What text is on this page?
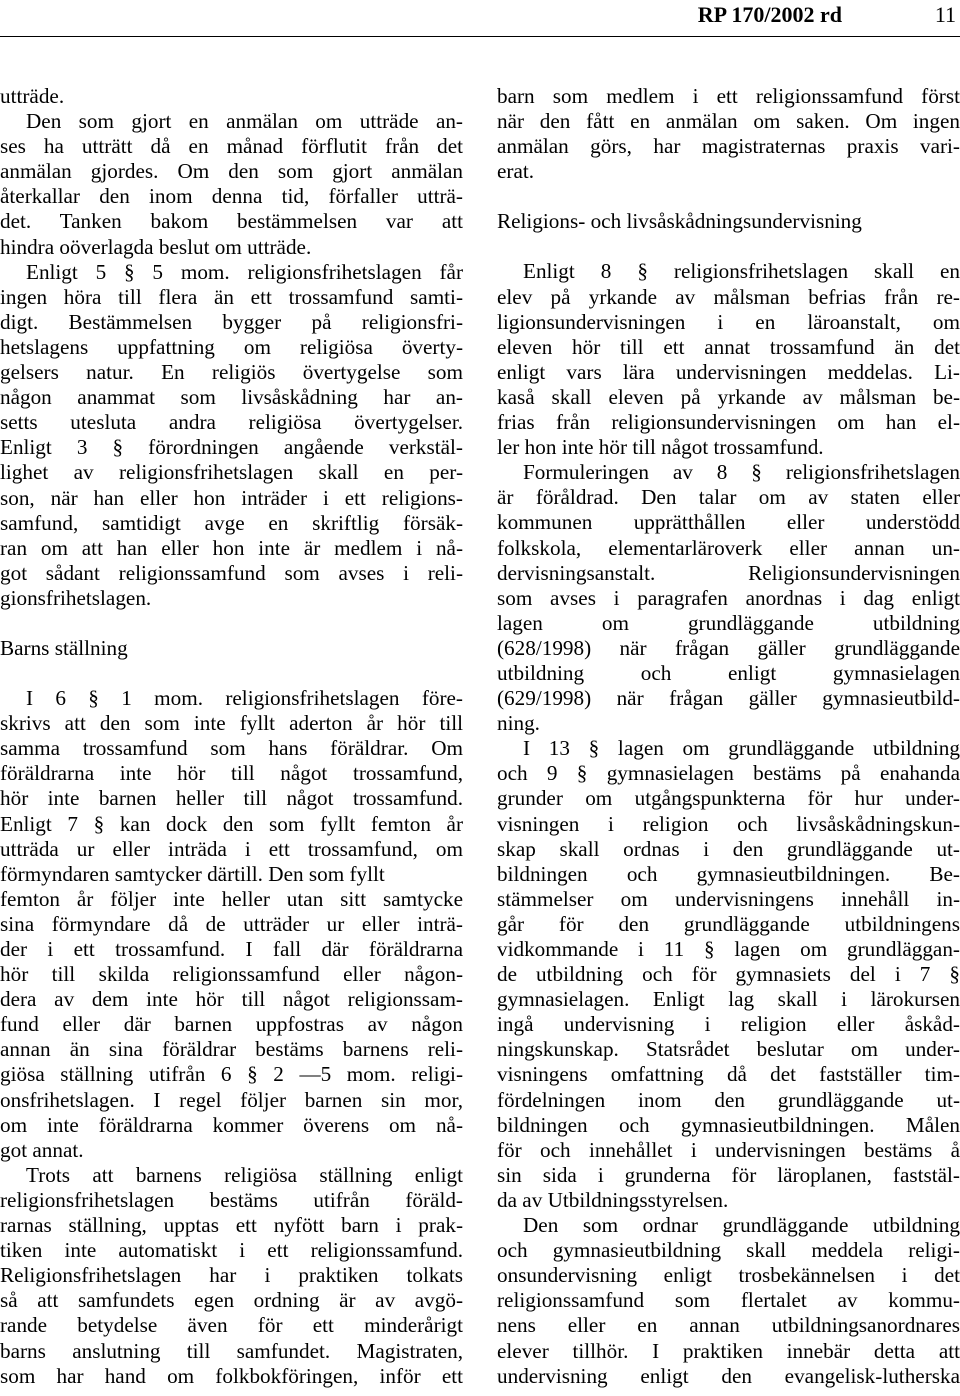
RP 170/2002 rd	11
utträde.
Den som gjort en anmälan om utträde an-
ses ha utträtt då en månad förflutit från det
anmälan gjordes. Om den som gjort anmälan
återkallar den inom denna tid, förfaller utträ-
det. Tanken bakom bestämmelsen var att
hindra oöverlagda beslut om utträde.
Enligt 5 § 5 mom. religionsfrihetslagen får
ingen höra till flera än ett trossamfund samti-
digt. Bestämmelsen bygger på religionsfri-
hetslagens uppfattning om religiösa överty-
gelsers natur. En religiös övertygelse som
någon anammat som livsåskådning har an-
setts utesluta andra religiösa övertygelser.
Enligt 3 § förordningen angående verkstäl-
lighet av religionsfrihetslagen skall en per-
son, när han eller hon inträder i ett religions-
samfund, samtidigt avge en skriftlig försäk-
ran om att han eller hon inte är medlem i nå-
got sådant religionssamfund som avses i reli-
gionsfrihetslagen.
Barns ställning
I 6 § 1 mom. religionsfrihetslagen före-
skrivs att den som inte fyllt aderton år hör till
samma trossamfund som hans föräldrar. Om
föräldrarna inte hör till något trossamfund,
hör inte barnen heller till något trossamfund.
Enligt 7 § kan dock den som fyllt femton år
utträda ur eller inträda i ett trossamfund, om
förmyndaren samtycker därtill. Den som fyllt
femton år följer inte heller utan sitt samtycke
sina förmyndare då de utträder ur eller inträ-
der i ett trossamfund. I fall där föräldrarna
hör till skilda religionssamfund eller någon-
dera av dem inte hör till något religionssam-
fund eller där barnen uppfostras av någon
annan än sina föräldrar bestäms barnens reli-
giösa ställning utifrån 6 § 2 —5 mom. religi-
onsfrihetslagen. I regel följer barnen sin mor,
om inte föräldrarna kommer överens om nå-
got annat.
Trots att barnens religiösa ställning enligt
religionsfrihetslagen bestäms utifrån föräld-
rarnas ställning, upptas ett nyfött barn i prak-
tiken inte automatiskt i ett religionssamfund.
Religionsfrihetslagen har i praktiken tolkats
så att samfundets egen ordning är av avgö-
rande betydelse även för ett minderårigt
barns anslutning till samfundet. Magistraten,
som har hand om folkbokföringen, inför ett
barn som medlem i ett religionssamfund först
när den fått en anmälan om saken. Om ingen
anmälan görs, har magistraternas praxis vari-
erat.
Religions- och livsåskådningsundervisning
Enligt 8 § religionsfrihetslagen skall en
elev på yrkande av målsman befrias från re-
ligionsundervisningen i en läroanstalt, om
eleven hör till ett annat trossamfund än det
enligt vars lära undervisningen meddelas. Li-
kaså skall eleven på yrkande av målsman be-
frias från religionsundervisningen om han el-
ler hon inte hör till något trossamfund.
Formuleringen av 8 § religionsfrihetslagen
är föråldrad. Den talar om av staten eller
kommunen upprätthållen eller understödd
folkskola, elementarläroverk eller annan un-
dervisningsanstalt. Religionsundervisningen
som avses i paragrafen anordnas i dag enligt
lagen om grundläggande utbildning
(628/1998) när frågan gäller grundläggande
utbildning och enligt gymnasielagen
(629/1998) när frågan gäller gymnasieutbild-
ning.
I 13 § lagen om grundläggande utbildning
och 9 § gymnasielagen bestäms på enahanda
grunder om utgångspunkterna för hur under-
visningen i religion och livsåskådningskun-
skap skall ordnas i den grundläggande ut-
bildningen och gymnasieutbildningen. Be-
stämmelser om undervisningens innehåll in-
går för den grundläggande utbildningens
vidkommande i 11 § lagen om grundläggan-
de utbildning och för gymnasiets del i 7 §
gymnasielagen. Enligt lag skall i lärokursen
ingå undervisning i religion eller åskåd-
ningskunskap. Statsrådet beslutar om under-
visningens omfattning då det fastställer tim-
fördelningen inom den grundläggande ut-
bildningen och gymnasieutbildningen. Målen
för och innehållet i undervisningen bestäms å
sin sida i grunderna för läroplanen, faststäl-
da av Utbildningsstyrelsen.
Den som ordnar grundläggande utbildning
och gymnasieutbildning skall meddela religi-
onsundervisning enligt trosbekännelsen i det
religionssamfund som flertalet av kommu-
nens eller en annan utbildningsanordnares
elever tillhör. I praktiken innebär detta att
undervisning enligt den evangelisk-lutherska
